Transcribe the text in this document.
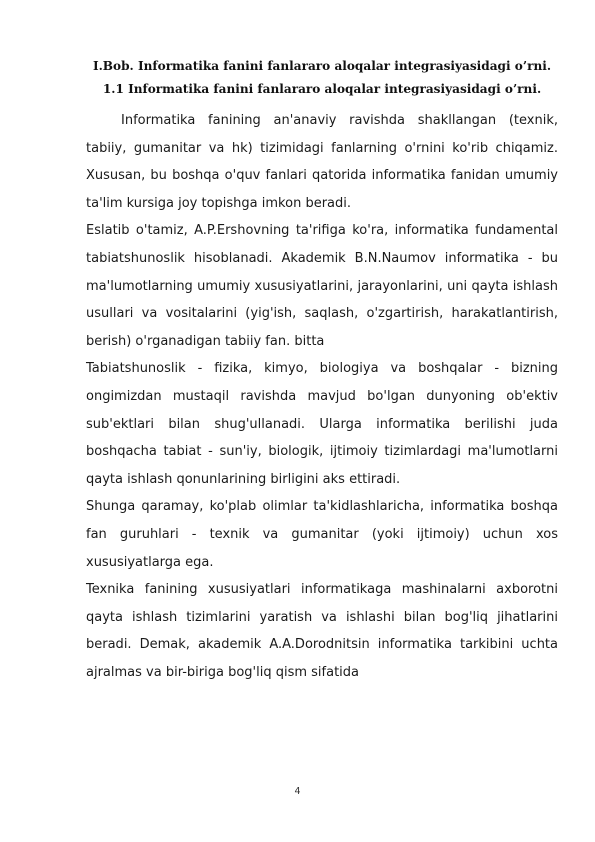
I.Bob. Informatika fanini fanlararo aloqalar integrasiyasidagi o’rni.

1.1 Informatika fanini fanlararo aloqalar integrasiyasidagi o’rni.

Informatika fanining an'anaviy ravishda shakllangan (texnik, tabiiy, gumanitar va hk) tizimidagi fanlarning o'rnini ko'rib chiqamiz. Xususan, bu boshqa o'quv fanlari qatorida informatika fanidan umumiy ta'lim kursiga joy topishga imkon beradi.

Eslatib o'tamiz, A.P.Ershovning ta'rifiga ko'ra, informatika fundamental tabiatshunoslik hisoblanadi. Akademik B.N.Naumov informatika - bu ma'lumotlarning umumiy xususiyatlarini, jarayonlarini, uni qayta ishlash usullari va vositalarini (yig'ish, saqlash, o'zgartirish, harakatlantirish, berish) o'rganadigan tabiiy fan. bitta

Tabiatshunoslik - fizika, kimyo, biologiya va boshqalar - bizning ongimizdan mustaqil ravishda mavjud bo'lgan dunyoning ob'ektiv sub'ektlari bilan shug'ullanadi. Ularga informatika berilishi juda boshqacha tabiat - sun'iy, biologik, ijtimoiy tizimlardagi ma'lumotlarni qayta ishlash qonunlarining birligini aks ettiradi.

Shunga qaramay, ko'plab olimlar ta'kidlashlaricha, informatika boshqa fan guruhlari - texnik va gumanitar (yoki ijtimoiy) uchun xos xususiyatlarga ega.

Texnika fanining xususiyatlari informatikaga mashinalarni axborotni qayta ishlash tizimlarini yaratish va ishlashi bilan bog'liq jihatlarini beradi. Demak, akademik A.A.Dorodnitsin informatika tarkibini uchta ajralmas va bir-biriga bog'liq qism sifatida

4
